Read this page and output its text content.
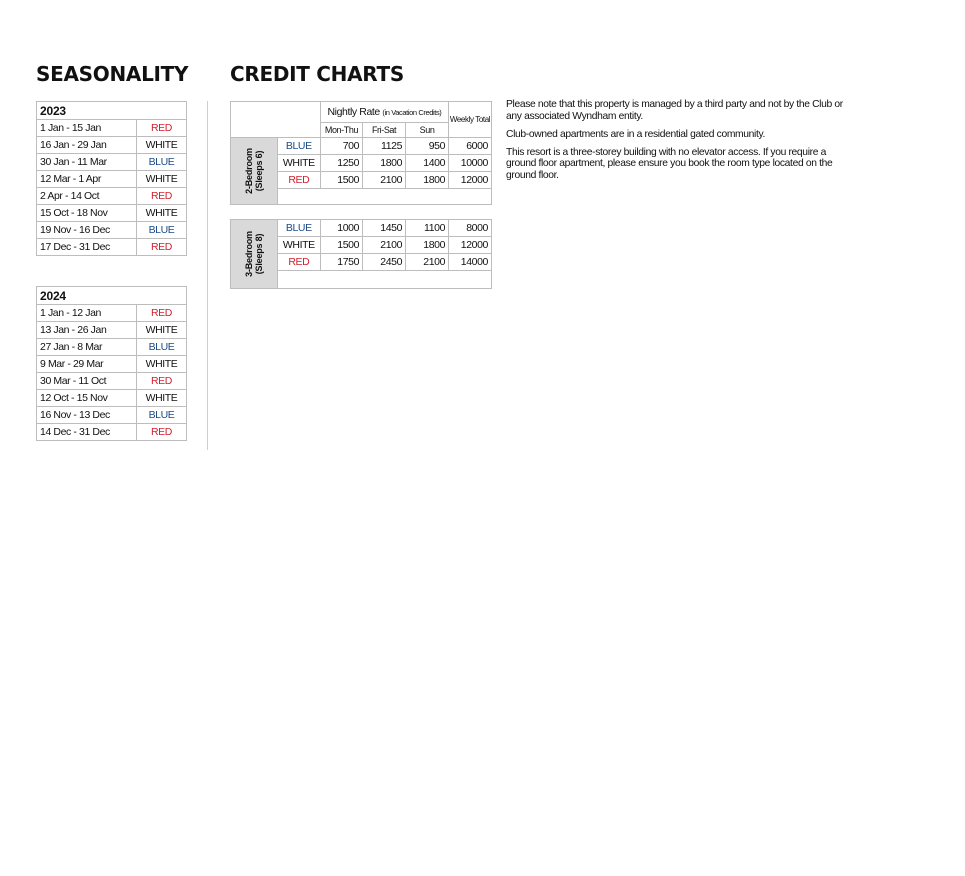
SEASONALITY CREDIT CHARTS
2023	
1 Jan - 15 Jan	RED
16 Jan - 29 Jan	WHITE
30 Jan - 11 Mar	BLUE
12 Mar - 1 Apr	WHITE
2 Apr - 14 Oct	RED
15 Oct - 18 Nov	WHITE
19 Nov - 16 Dec	BLUE
17 Dec - 31 Dec	RED
2024	
1 Jan - 12 Jan	RED
13 Jan - 26 Jan	WHITE
27 Jan - 8 Mar	BLUE
9 Mar - 29 Mar	WHITE
30 Mar - 11 Oct	RED
12 Oct - 15 Nov	WHITE
16 Nov - 13 Dec	BLUE
14 Dec - 31 Dec	RED
		Nightly Rate (in Vacation Credits)			Weekly Total
		Mon-Thu	Fri-Sat	Sun	
2-Bedroom
(Sleeps 6)	BLUE	700	1125	950	6000
	WHITE	1250	1800	1400	10000
	RED	1500	2100	1800	12000

3-Bedroom
(Sleeps 8)	BLUE	1000	1450	1100	8000
	WHITE	1500	2100	1800	12000
	RED	1750	2450	2100	14000

Please note that this property is managed by a third party and not by the Club or any associated Wyndham entity.

Club-owned apartments are in a residential gated community.

This resort is a three-storey building with no elevator access. If you require a ground floor apartment, please ensure you book the room type located on the ground floor.
